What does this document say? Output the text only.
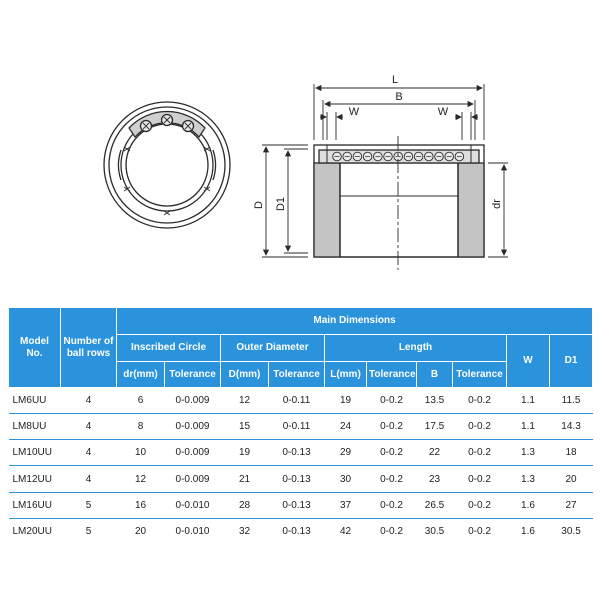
L
B
W	W
D D1	dr
Model No.	Number of ball rows	Main Dimensions									
		Inscribed Circle		Outer Diameter		Length				W	D1
		dr(mm)	Tolerance	D(mm)	Tolerance	L(mm)	Tolerance	B	Tolerance		
LM6UU	4	6	0-0.009	12	0-0.11	19	0-0.2	13.5	0-0.2	1.1	11.5
LM8UU	4	8	0-0.009	15	0-0.11	24	0-0.2	17.5	0-0.2	1.1	14.3
LM10UU	4	10	0-0.009	19	0-0.13	29	0-0.2	22	0-0.2	1.3	18
LM12UU	4	12	0-0.009	21	0-0.13	30	0-0.2	23	0-0.2	1.3	20
LM16UU	5	16	0-0.010	28	0-0.13	37	0-0.2	26.5	0-0.2	1.6	27
LM20UU	5	20	0-0.010	32	0-0.13	42	0-0.2	30.5	0-0.2	1.6	30.5
